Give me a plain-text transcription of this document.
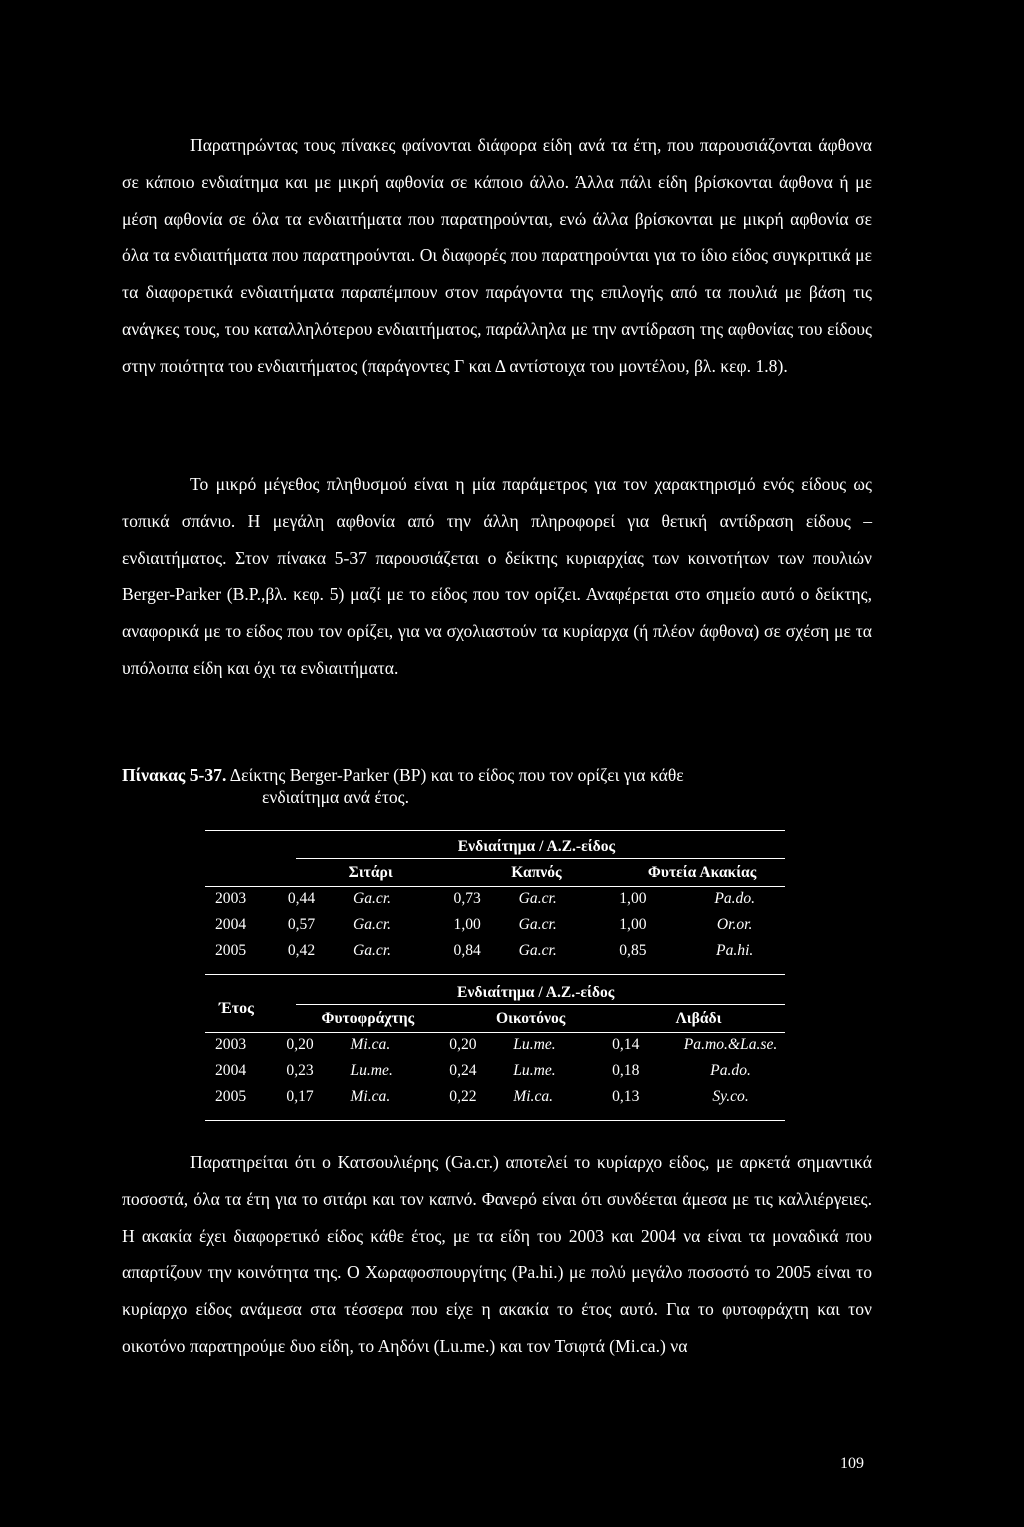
Παρατηρώντας τους πίνακες φαίνονται διάφορα είδη ανά τα έτη, που παρουσιάζονται άφθονα σε κάποιο ενδιαίτημα και με μικρή αφθονία σε κάποιο άλλο. Άλλα πάλι είδη βρίσκονται άφθονα ή με μέση αφθονία σε όλα τα ενδιαιτήματα που παρατηρούνται, ενώ άλλα βρίσκονται με μικρή αφθονία σε όλα τα ενδιαιτήματα που παρατηρούνται. Οι διαφορές που παρατηρούνται για το ίδιο είδος συγκριτικά με τα διαφορετικά ενδιαιτήματα παραπέμπουν στον παράγοντα της επιλογής από τα πουλιά με βάση τις ανάγκες τους, του καταλληλότερου ενδιαιτήματος, παράλληλα με την αντίδραση της αφθονίας του είδους στην ποιότητα του ενδιαιτήματος (παράγοντες Γ και Δ αντίστοιχα του μοντέλου, βλ. κεφ. 1.8).

Το μικρό μέγεθος πληθυσμού είναι η μία παράμετρος για τον χαρακτηρισμό ενός είδους ως τοπικά σπάνιο. Η μεγάλη αφθονία από την άλλη πληροφορεί για θετική αντίδραση είδους – ενδιαιτήματος. Στον πίνακα 5-37 παρουσιάζεται ο δείκτης κυριαρχίας των κοινοτήτων των πουλιών Berger-Parker (B.P.,βλ. κεφ. 5) μαζί με το είδος που τον ορίζει. Αναφέρεται στο σημείο αυτό ο δείκτης, αναφορικά με το είδος που τον ορίζει, για να σχολιαστούν τα κυρίαρχα (ή πλέον άφθονα) σε σχέση με τα υπόλοιπα είδη και όχι τα ενδιαιτήματα.

Πίνακας 5-37. Δείκτης Berger-Parker (ΒΡ) και το είδος που τον ορίζει για κάθε
ενδιαίτημα ανά έτος.
Έτος
	Ενδιαίτημα / Α.Ζ.-είδος					
	Σιτάρι		Καπνός		Φυτεία Ακακίας	
2003	0,44	Ga.cr.	0,73	Ga.cr.	1,00	Pa.do.
2004	0,57	Ga.cr.	1,00	Ga.cr.	1,00	Or.or.
2005	0,42	Ga.cr.	0,84	Ga.cr.	0,85	Pa.hi.
	Ενδιαίτημα / Α.Ζ.-είδος					
	Φυτοφράχτης		Οικοτόνος		Λιβάδι	
2003	0,20	Mi.ca.	0,20	Lu.me.	0,14	Pa.mo.&La.se.
2004	0,23	Lu.me.	0,24	Lu.me.	0,18	Pa.do.
2005	0,17	Mi.ca.	0,22	Mi.ca.	0,13	Sy.co.

Παρατηρείται ότι ο Κατσουλιέρης (Ga.cr.) αποτελεί το κυρίαρχο είδος, με αρκετά σημαντικά ποσοστά, όλα τα έτη για το σιτάρι και τον καπνό. Φανερό είναι ότι συνδέεται άμεσα με τις καλλιέργειες. Η ακακία έχει διαφορετικό είδος κάθε έτος, με τα είδη του 2003 και 2004 να είναι τα μοναδικά που απαρτίζουν την κοινότητα της. Ο Χωραφοσπουργίτης (Pa.hi.) με πολύ μεγάλο ποσοστό το 2005 είναι το κυρίαρχο είδος ανάμεσα στα τέσσερα που είχε η ακακία το έτος αυτό. Για το φυτοφράχτη και τον οικοτόνο παρατηρούμε δυο είδη, το Αηδόνι (Lu.me.) και τον Τσιφτά (Mi.ca.) να

109
